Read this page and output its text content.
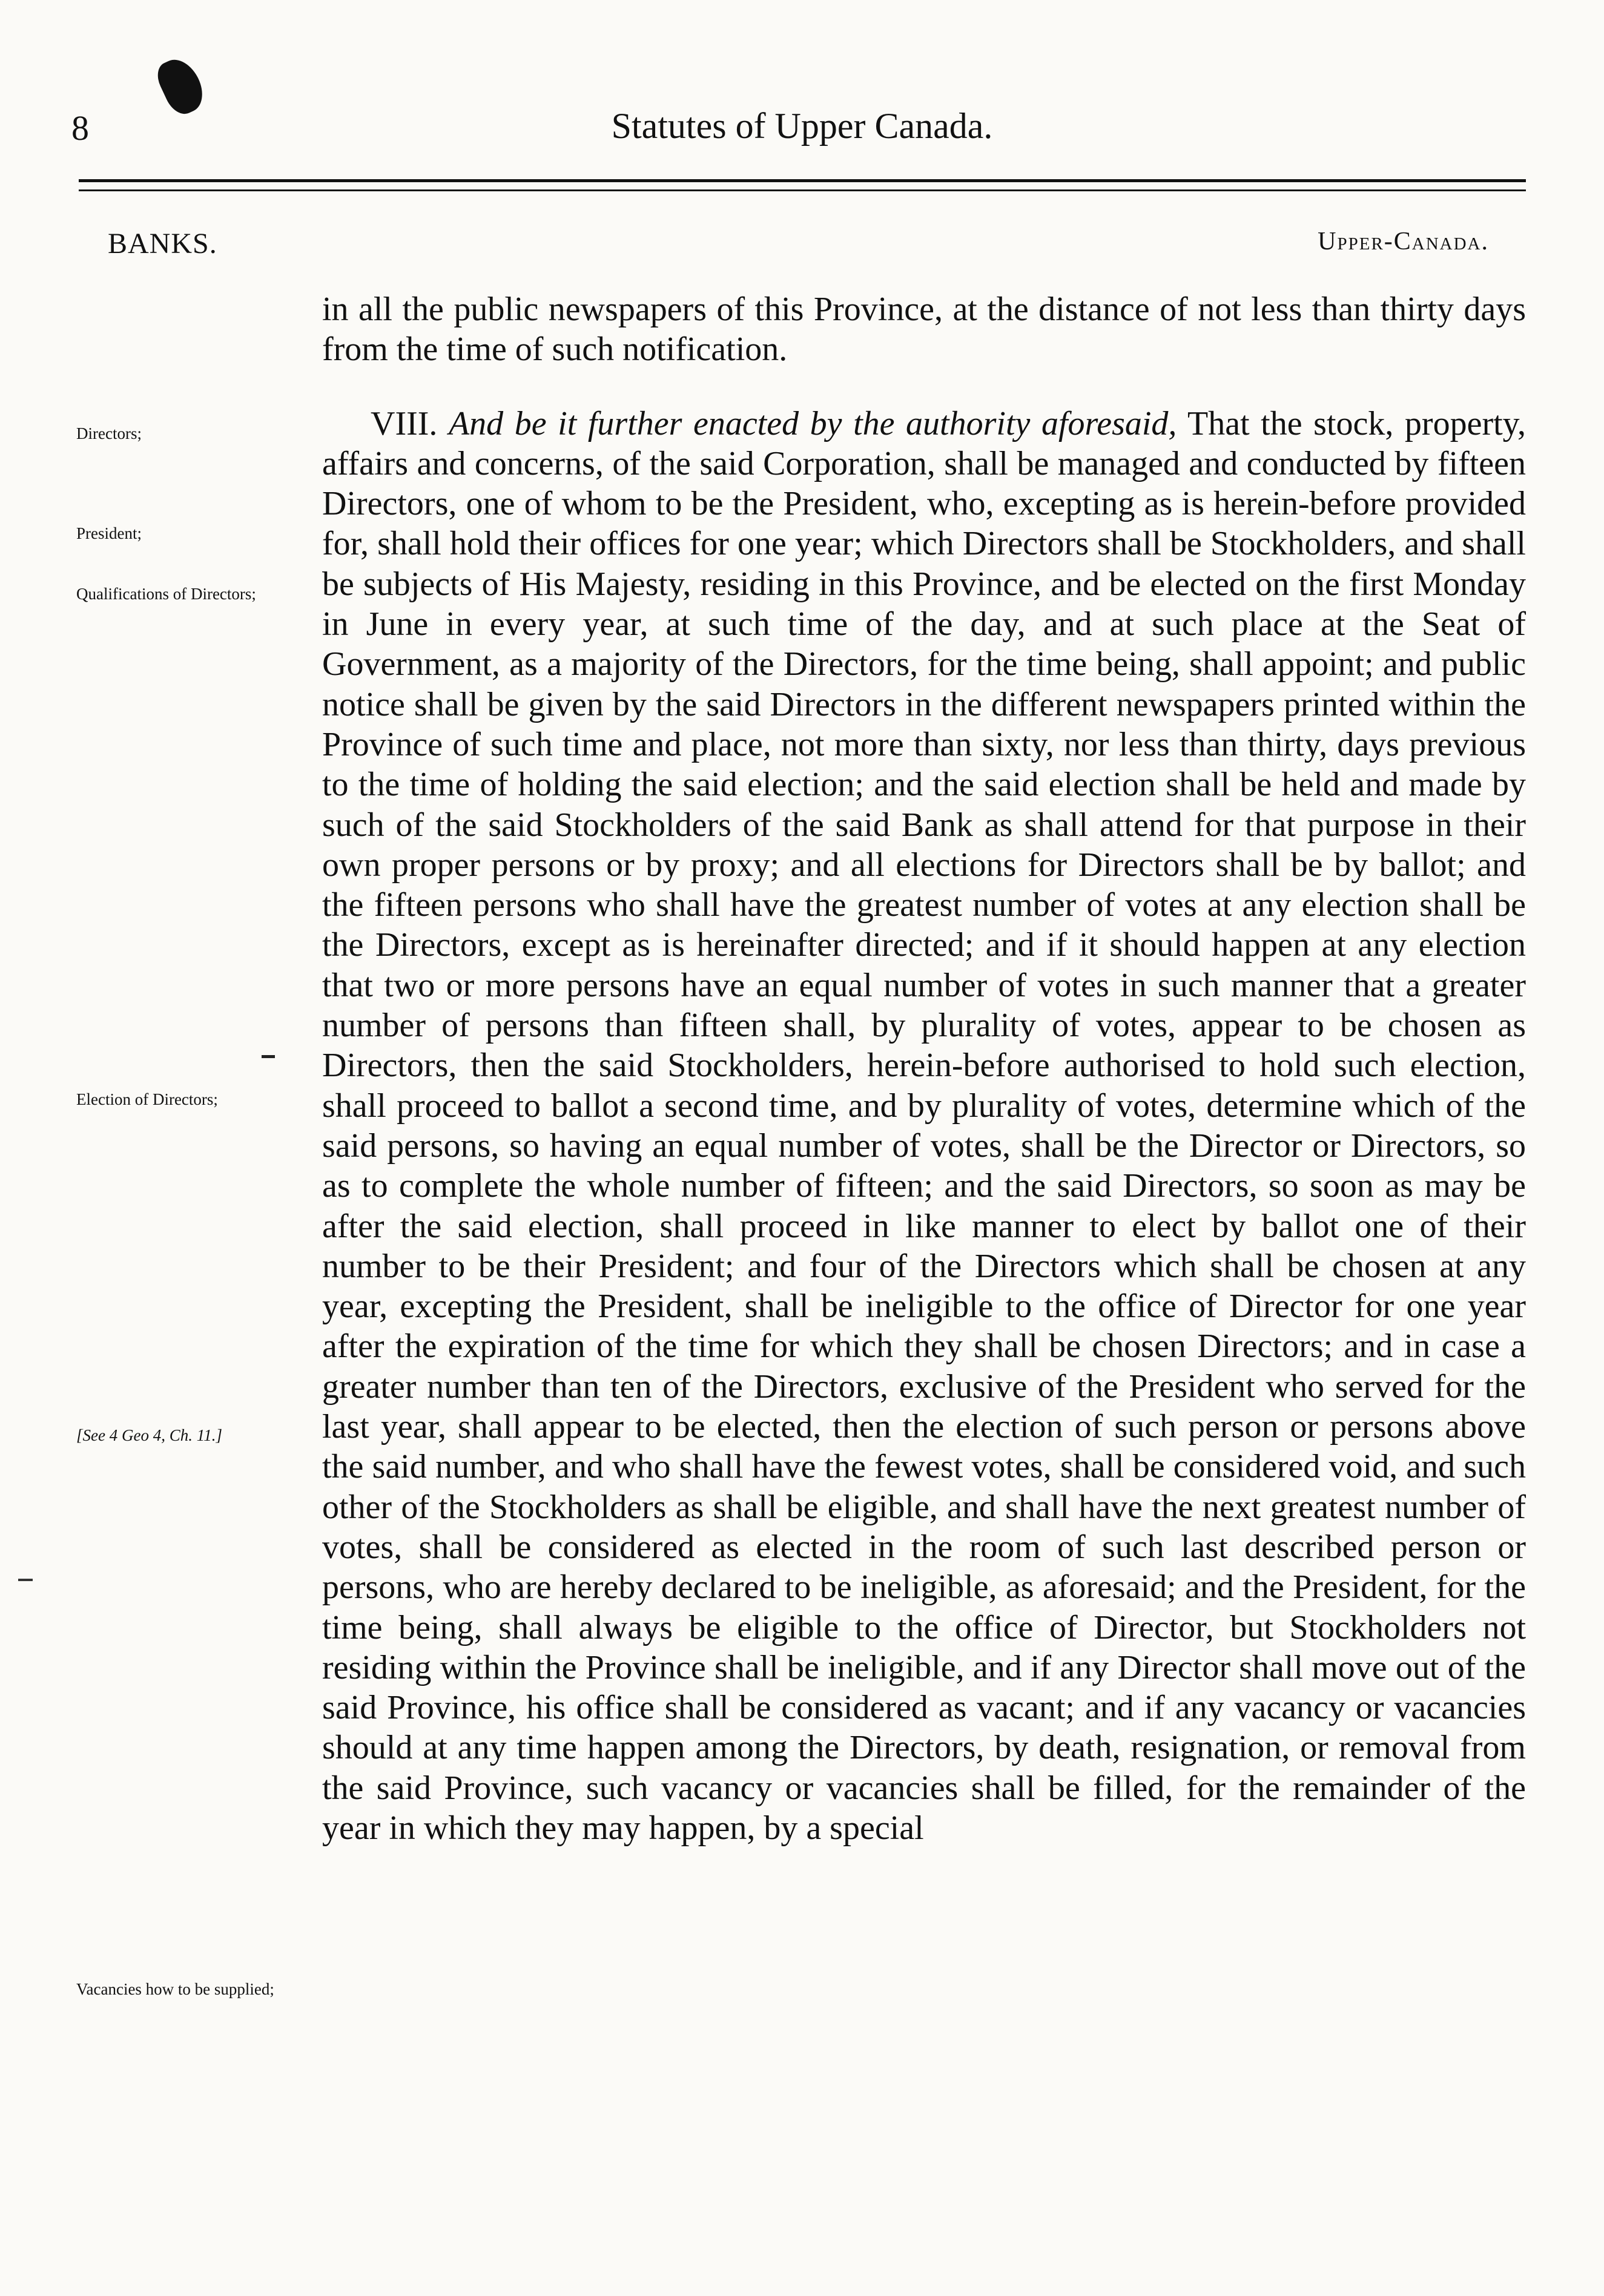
8	Statutes of Upper Canada.
BANKS.	Upper-Canada.
Directors;
President;
Qualifications of Directors;
Election of Directors;
[See 4 Geo 4, Ch. 11.]
Vacancies how to be supplied;

in all the public newspapers of this Province, at the distance of not less than thirty days from the time of such notification.

VIII. And be it further enacted by the authority aforesaid, That the stock, property, affairs and concerns, of the said Corporation, shall be managed and conducted by fifteen Directors, one of whom to be the President, who, excepting as is herein-before provided for, shall hold their offices for one year; which Directors shall be Stockholders, and shall be subjects of His Majesty, residing in this Province, and be elected on the first Monday in June in every year, at such time of the day, and at such place at the Seat of Government, as a majority of the Directors, for the time being, shall appoint; and public notice shall be given by the said Directors in the different newspapers printed within the Province of such time and place, not more than sixty, nor less than thirty, days previous to the time of holding the said election; and the said election shall be held and made by such of the said Stockholders of the said Bank as shall attend for that purpose in their own proper persons or by proxy; and all elections for Directors shall be by ballot; and the fifteen persons who shall have the greatest number of votes at any election shall be the Directors, except as is hereinafter directed; and if it should happen at any election that two or more persons have an equal number of votes in such manner that a greater number of persons than fifteen shall, by plurality of votes, appear to be chosen as Directors, then the said Stockholders, herein-before authorised to hold such election, shall proceed to ballot a second time, and by plurality of votes, determine which of the said persons, so having an equal number of votes, shall be the Director or Directors, so as to complete the whole number of fifteen; and the said Directors, so soon as may be after the said election, shall proceed in like manner to elect by ballot one of their number to be their President; and four of the Directors which shall be chosen at any year, excepting the President, shall be ineligible to the office of Director for one year after the expiration of the time for which they shall be chosen Directors; and in case a greater number than ten of the Directors, exclusive of the President who served for the last year, shall appear to be elected, then the election of such person or persons above the said number, and who shall have the fewest votes, shall be considered void, and such other of the Stockholders as shall be eligible, and shall have the next greatest number of votes, shall be considered as elected in the room of such last described person or persons, who are hereby declared to be ineligible, as aforesaid; and the President, for the time being, shall always be eligible to the office of Director, but Stockholders not residing within the Province shall be ineligible, and if any Director shall move out of the said Province, his office shall be considered as vacant; and if any vacancy or vacancies should at any time happen among the Directors, by death, resignation, or removal from the said Province, such vacancy or vacancies shall be filled, for the remainder of the year in which they may happen, by a special
